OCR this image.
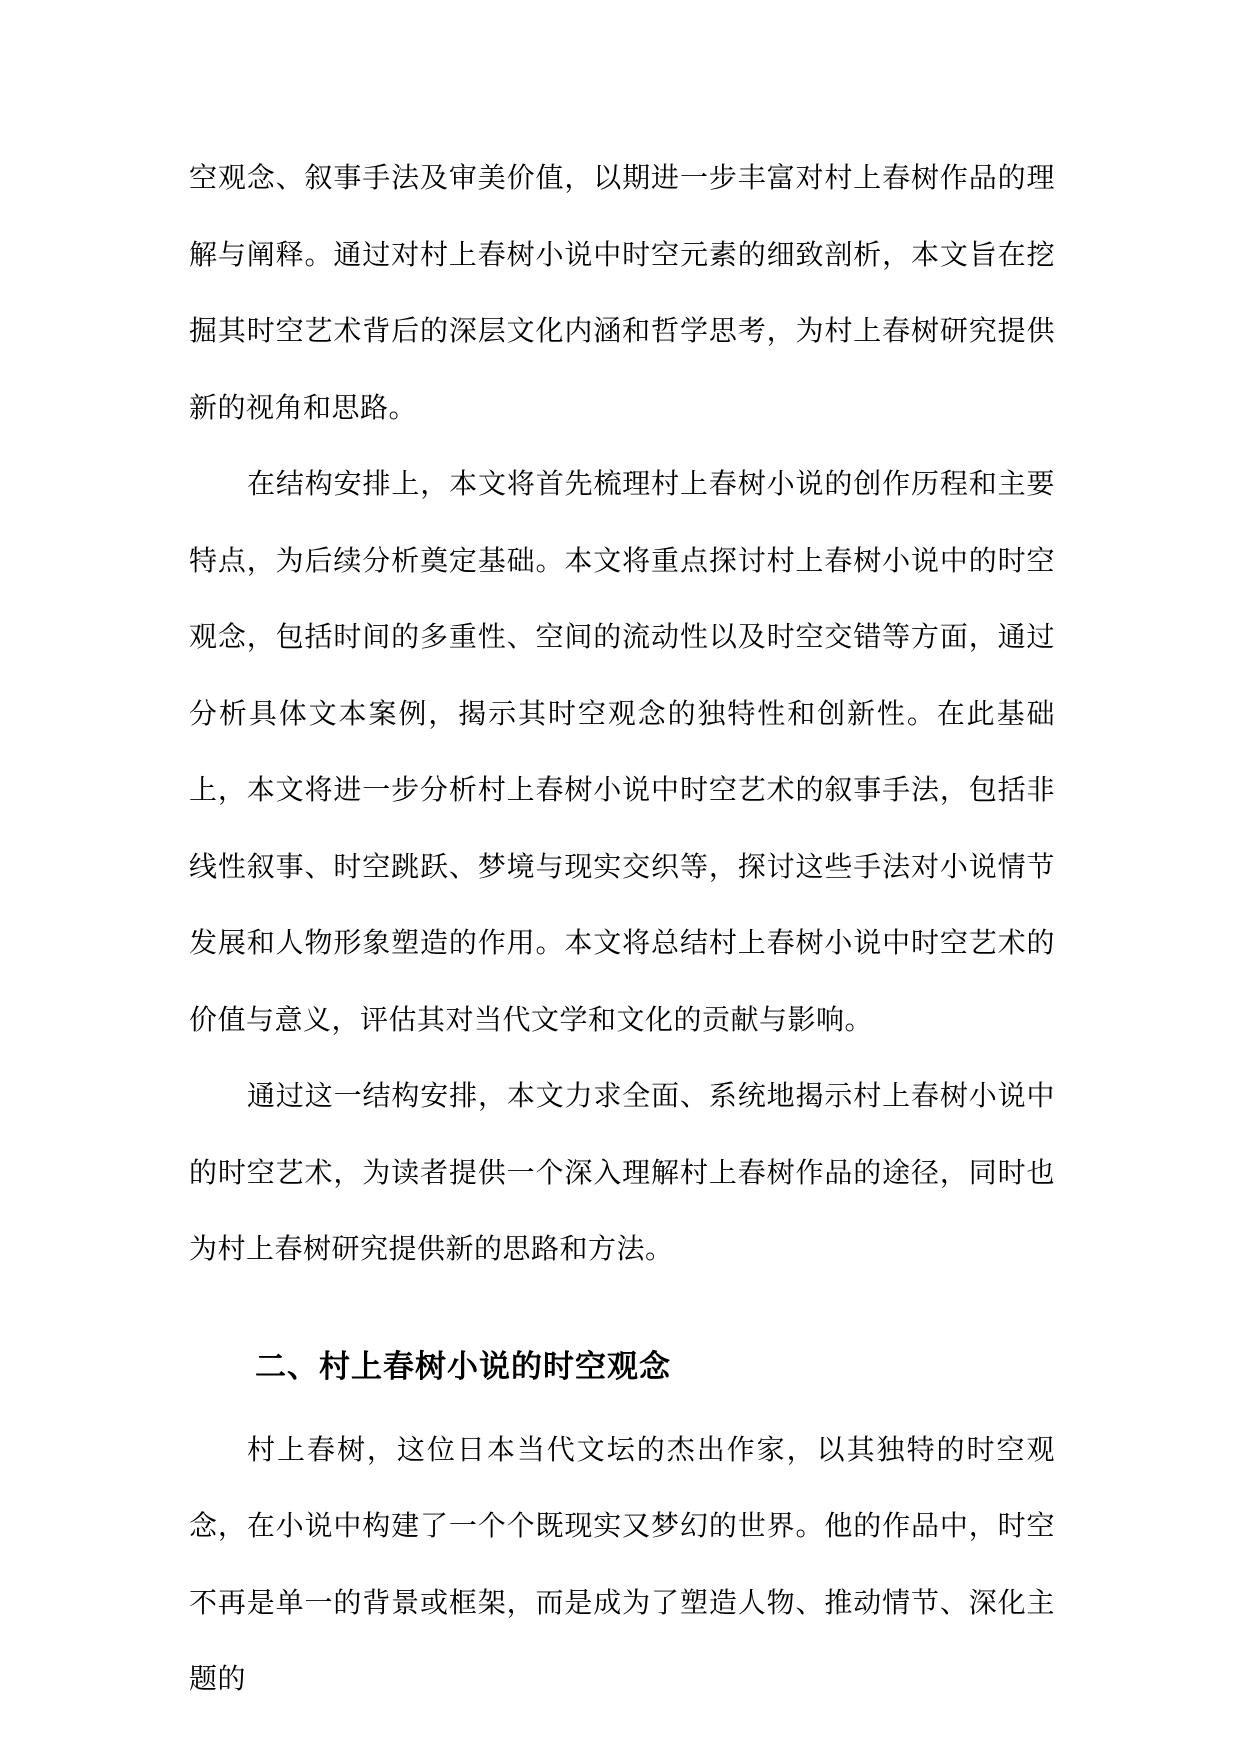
空观念、叙事手法及审美价值，以期进一步丰富对村上春树作品的理解与阐释。通过对村上春树小说中时空元素的细致剖析，本文旨在挖掘其时空艺术背后的深层文化内涵和哲学思考，为村上春树研究提供新的视角和思路。

在结构安排上，本文将首先梳理村上春树小说的创作历程和主要特点，为后续分析奠定基础。本文将重点探讨村上春树小说中的时空观念，包括时间的多重性、空间的流动性以及时空交错等方面，通过分析具体文本案例，揭示其时空观念的独特性和创新性。在此基础上，本文将进一步分析村上春树小说中时空艺术的叙事手法，包括非线性叙事、时空跳跃、梦境与现实交织等，探讨这些手法对小说情节发展和人物形象塑造的作用。本文将总结村上春树小说中时空艺术的价值与意义，评估其对当代文学和文化的贡献与影响。

通过这一结构安排，本文力求全面、系统地揭示村上春树小说中的时空艺术，为读者提供一个深入理解村上春树作品的途径，同时也为村上春树研究提供新的思路和方法。

二、村上春树小说的时空观念

村上春树，这位日本当代文坛的杰出作家，以其独特的时空观念，在小说中构建了一个个既现实又梦幻的世界。他的作品中，时空不再是单一的背景或框架，而是成为了塑造人物、推动情节、深化主题的
